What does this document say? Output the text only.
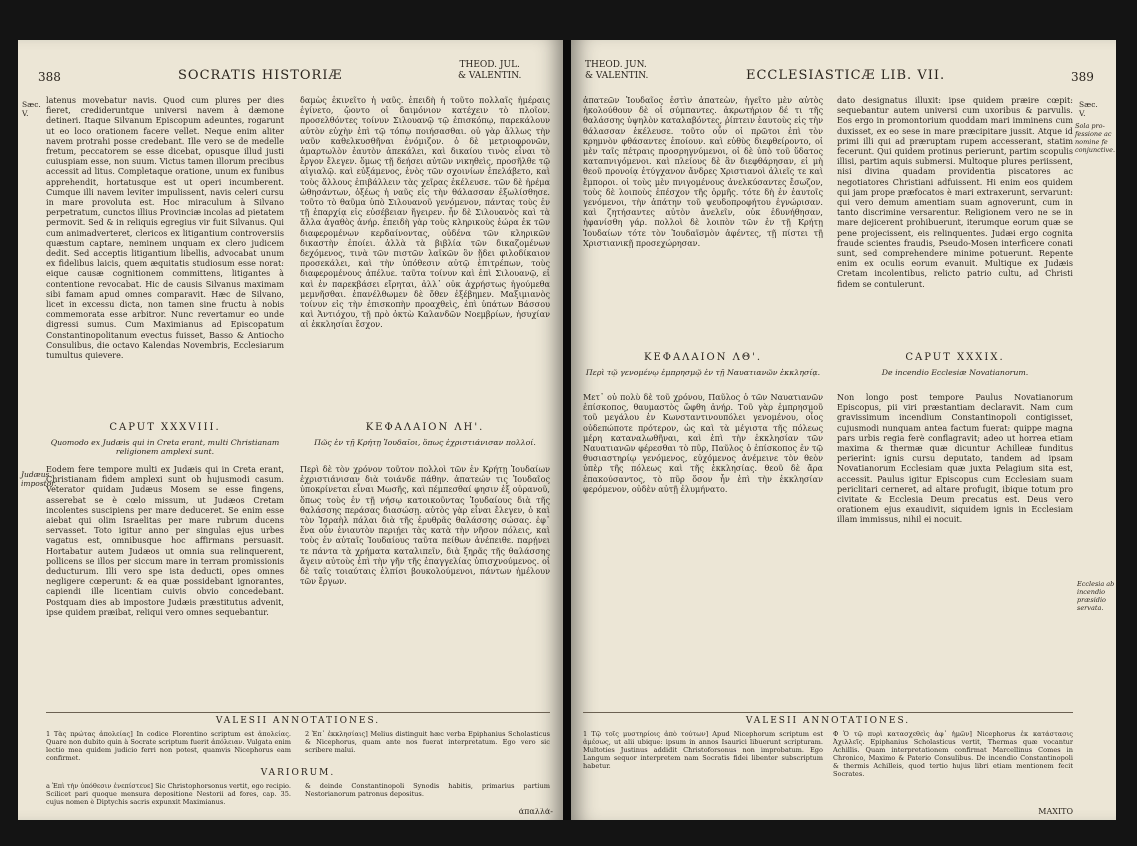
388	SOCRATIS HISTORIÆ
THEOD. JUL.
& VALENTIN.
Sæc.
V.

latenus movebatur navis. Quod cum plures per dies fieret, credideruntque universi navem à dæmone detineri. Itaque Silvanum Episcopum adeuntes, rogarunt ut eo loco orationem facere vellet. Neque enim aliter navem protrahi posse credebant. Ille vero se de medelle fretum, peccatorem se esse dicebat, opusque illud justi cuiuspiam esse, non suum. Victus tamen illorum precibus accessit ad litus. Completaque oratione, unum ex funibus apprehendit, hortatusque est ut operi incumberent. Cumque illi navem leviter impulissent, navis celeri cursu in mare provoluta est. Hoc miraculum à Silvano perpetratum, cunctos illius Provinciæ incolas ad pietatem permovit. Sed & in reliquis egregius vir fuit Silvanus. Qui cum animadverteret, clericos ex litigantium controversiis quæstum captare, neminem unquam ex clero judicem dedit. Sed acceptis litigantium libellis, advocabat unum ex fidelibus laicis, quem æquitatis studiosum esse norat: eique causæ cognitionem committens, litigantes à contentione revocabat. Hic de causis Silvanus maximam sibi famam apud omnes comparavit. Hæc de Silvano, licet in excessu dicta, non tamen sine fructu à nobis commemorata esse arbitror. Nunc revertamur eo unde digressi sumus. Cum Maximianus ad Episcopatum Constantinopolitanum evectus fuisset, Basso & Antiocho Consulibus, die octavo Kalendas Novembris, Ecclesiarum tumultus quievere.

δαμὼς ἐκινεῖτο ἡ ναῦς. ἐπειδὴ ἡ τοῦτο πολλαῖς ἡμέραις ἐγίνετο, ᾤοντο οἱ δαιμόνιον κατέχειν τὸ πλοῖον. προσελθόντες τοίνυν Σιλουανῷ τῷ ἐπισκόπῳ, παρεκάλουν αὐτὸν εὐχὴν ἐπὶ τῷ τόπῳ ποιήσασθαι. οὐ γὰρ ἄλλως τὴν ναῦν καθελκυσθῆναι ἐνόμιζον. ὁ δὲ μετριοφρονῶν, ἁμαρτωλὸν ἑαυτὸν ἀπεκάλει, καὶ δικαίου τινὸς εἶναι τὸ ἔργον ἔλεγεν. ὅμως τῇ δεήσει αὐτῶν νικηθεὶς, προσῆλθε τῷ αἰγιαλῷ. καὶ εὐξάμενος, ἑνὸς τῶν σχοινίων ἐπελάβετο, καὶ τοὺς ἄλλους ἐπιβάλλειν τὰς χεῖρας ἐκέλευσε. τῶν δὲ ἠρέμα ὠθησάντων, ὀξέως ἡ ναῦς εἰς τὴν θάλασσαν ἐξωλίσθησε. τοῦτο τὸ θαῦμα ὑπὸ Σιλουανοῦ γενόμενον, πάντας τοὺς ἐν τῇ ἐπαρχίᾳ εἰς εὐσέβειαν ἤγειρεν. ἦν δὲ Σιλουανὸς καὶ τὰ ἄλλα ἀγαθὸς ἀνήρ. ἐπειδὴ γὰρ τοὺς κληρικοὺς ἑώρα ἐκ τῶν διαφερομένων κερδαίνοντας, οὐδένα τῶν κληρικῶν δικαστὴν ἐποίει. ἀλλὰ τὰ βιβλία τῶν δικαζομένων δεχόμενος, τινὰ τῶν πιστῶν λαϊκῶν ὃν ᾔδει φιλοδίκαιον προσεκάλει, καὶ τὴν ὑπόθεσιν αὐτῷ ἐπιτρέπων, τοὺς διαφερομένους ἀπέλυε. ταῦτα τοίνυν καὶ ἐπὶ Σιλουανῷ, εἰ καὶ ἐν παρεκβάσει εἴρηται, ἀλλ᾽ οὐκ ἀχρήστως ἡγούμεθα μεμνῆσθαι. ἐπανέλθωμεν δὲ ὅθεν ἐξέβημεν. Μαξιμιανὸς τοίνυν εἰς τὴν ἐπισκοπὴν προαχθεὶς, ἐπὶ ὑπάτων Βάσσου καὶ Ἀντιόχου, τῇ πρὸ ὀκτὼ Καλανδῶν Νοεμβρίων, ἡσυχίαν αἱ ἐκκλησίαι ἔσχον.

CAPUT XXXVIII.	ΚΕΦΑΛΑΙΟΝ ΛΗ'.
Quomodo ex Judæis qui in Creta erant, multi Christianam religionem amplexi sunt.
Πῶς ἐν τῇ Κρήτῃ Ἰουδαῖοι, ὅπως ἐχριστιάνισαν πολλοί.
Judæus
impostor.

Eodem fere tempore multi ex Judæis qui in Creta erant, Christianam fidem amplexi sunt ob hujusmodi casum. Veterator quidam Judæus Mosem se esse fingens, asserebat se è cœlo missum, ut Judæos Cretam incolentes suscipiens per mare deduceret. Se enim esse aiebat qui olim Israelitas per mare rubrum ducens servasset. Toto igitur anno per singulas ejus urbes vagatus est, omnibusque hoc affirmans persuasit. Hortabatur autem Judæos ut omnia sua relinquerent, pollicens se illos per siccum mare in terram promissionis deducturum. Illi vero spe ista deducti, opes omnes negligere cœperunt: & ea quæ possidebant ignorantes, capiendi ille licentiam cuivis obvio concedebant. Postquam dies ab impostore Judæis præstitutus advenit, ipse quidem præibat, reliqui vero omnes sequebantur.

Περὶ δὲ τὸν χρόνον τοῦτον πολλοὶ τῶν ἐν Κρήτῃ Ἰουδαίων ἐχριστιάνισαν διὰ τοιάνδε πάθην. ἀπατεών τις Ἰουδαῖος ὑποκρίνεται εἶναι Μωσῆς, καὶ πέμπεσθαί φησιν ἐξ οὐρανοῦ, ὅπως τοὺς ἐν τῇ νήσῳ κατοικοῦντας Ἰουδαίους διὰ τῆς θαλάσσης περάσας διασώσῃ. αὐτὸς γὰρ εἶναι ἔλεγεν, ὁ καὶ τὸν Ἰσραὴλ πάλαι διὰ τῆς ἐρυθρᾶς θαλάσσης σώσας. ἐφ᾽ ἕνα οὖν ἐνιαυτὸν περιῄει τὰς κατὰ τὴν νῆσον πόλεις, καὶ τοὺς ἐν αὐταῖς Ἰουδαίους ταῦτα πείθων ἀνέπειθε. παρῄνει τε πάντα τὰ χρήματα καταλιπεῖν, διὰ ξηρᾶς τῆς θαλάσσης ἄγειν αὐτοὺς ἐπὶ τὴν γῆν τῆς ἐπαγγελίας ὑπισχνούμενος. οἱ δὲ ταῖς τοιαύταις ἐλπίσι βουκολούμενοι, πάντων ἠμέλουν τῶν ἔργων.

VALESII ANNOTATIONES.
1 Τὰς πρώτας ἀπολείας] In codice Florentino scriptum est ἀπολείας. Quare non dubito quin à Socrate scriptum fuerit ἀπόλειαν. Vulgata enim lectio mea quidem judicio ferri non potest, quamvis Nicephorus eam confirmet.
2 Ἐπ᾽ ἐκκλησίαις] Melius distinguit hæc verba Epiphanius Scholasticus & Nicephorus, quam ante nos fuerat interpretatum. Ego vero sic scribere malui.
VARIORUM.
a Ἐπὶ τὴν ὑπόθεσιν ἐνεπίστευε] Sic Christophorsonus vertit, ego recipio. Scilicet pari quoque mensura depositione Nestorii ad fores, cap. 35. cujus nomen è Diptychis sacris expunxit Maximianus.
& deinde Constantinopoli Synodis habitis, primarius partium Nestorianorum patronus depositus.
ἀπαλλά-
THEOD. JUN.
& VALENTIN.	ECCLESIASTICÆ LIB. VII.	389
Sæc.
V.
Sola pro-
fessione ac
nomine fe
conjunctive.

ἀπατεῶν Ἰουδαῖος ἐστὶν ἀπατεὼν, ἡγεῖτο μὲν αὐτὸς ἠκολούθουν δὲ οἱ σύμπαντες. ἀκρωτήριον δέ τι τῆς θαλάσσης ὑψηλὸν καταλαβόντες, ῥίπτειν ἑαυτοὺς εἰς τὴν θάλασσαν ἐκέλευσε. τοῦτο οὖν οἱ πρῶτοι ἐπὶ τὸν κρημνὸν φθάσαντες ἐποίουν. καὶ εὐθὺς διεφθείροντο, οἱ μὲν ταῖς πέτραις προσρηγνύμενοι, οἱ δὲ ὑπὸ τοῦ ὕδατος καταπνιγόμενοι. καὶ πλείους δὲ ἂν διεφθάρησαν, εἰ μὴ θεοῦ προνοίᾳ ἐτύγχανον ἄνδρες Χριστιανοὶ ἁλιεῖς τε καὶ ἔμποροι. οἱ τοὺς μὲν πνιγομένους ἀνελκύσαντες ἔσωζον, τοὺς δὲ λοιποὺς ἐπέσχον τῆς ὁρμῆς. τότε δὴ ἐν ἑαυτοῖς γενόμενοι, τὴν ἀπάτην τοῦ ψευδοπροφήτου ἐγνώρισαν. καὶ ζητήσαντες αὐτὸν ἀνελεῖν, οὐκ ἐδυνήθησαν, ἠφανίσθη γάρ. πολλοὶ δὲ λοιπὸν τῶν ἐν τῇ Κρήτῃ Ἰουδαίων τότε τὸν Ἰουδαϊσμὸν ἀφέντες, τῇ πίστει τῇ Χριστιανικῇ προσεχώρησαν.

dato designatus illuxit: ipse quidem præire cœpit: sequebantur autem universi cum uxoribus & parvulis. Eos ergo in promontorium quoddam mari imminens cum duxisset, ex eo sese in mare præcipitare jussit. Atque id primi illi qui ad præruptam rupem accesserant, statim fecerunt. Qui quidem protinus perierunt, partim scopulis illisi, partim aquis submersi. Multoque plures periissent, nisi divina quadam providentia piscatores ac negotiatores Christiani adfuissent. Hi enim eos quidem qui jam prope præfocatos è mari extraxerunt, servarunt: qui vero demum amentiam suam agnoverunt, cum in tanto discrimine versarentur. Religionem vero ne se in mare dejicerent prohibuerunt, iterumque eorum quæ se pene projecissent, eis relinquentes. Judæi ergo cognita fraude scientes fraudis, Pseudo-Mosen interficere conati sunt, sed comprehendere minime potuerunt. Repente enim ex oculis eorum evanuit. Multique ex Judæis Cretam incolentibus, relicto patrio cultu, ad Christi fidem se contulerunt.

ΚΕΦΑΛΑΙΟΝ ΛΘ'.	CAPUT XXXIX.
Περὶ τῷ γενομένῳ ἐμπρησμῷ ἐν τῇ Ναυατιανῶν ἐκκλησίᾳ.	De incendio Ecclesiæ Novatianorum.

Μετ᾽ οὐ πολὺ δὲ τοῦ χρόνου, Παῦλος ὁ τῶν Ναυατιανῶν ἐπίσκοπος, θαυμαστὸς ὤφθη ἀνήρ. Τοῦ γὰρ ἐμπρησμοῦ τοῦ μεγάλου ἐν Κωνσταντινουπόλει γενομένου, οἷος οὐδεπώποτε πρότερον, ὡς καὶ τὰ μέγιστα τῆς πόλεως μέρη καταναλωθῆναι, καὶ ἐπὶ τὴν ἐκκλησίαν τῶν Ναυατιανῶν φέρεσθαι τὸ πῦρ, Παῦλος ὁ ἐπίσκοπος ἐν τῷ θυσιαστηρίῳ γενόμενος, εὐχόμενος ἀνέμεινε τὸν θεὸν ὑπὲρ τῆς πόλεως καὶ τῆς ἐκκλησίας. θεοῦ δὲ ἄρα ἐπακούσαντος, τὸ πῦρ ὅσον ἦν ἐπὶ τὴν ἐκκλησίαν φερόμενον, οὐδὲν αὐτῇ ἐλυμήνατο.

Non longo post tempore Paulus Novatianorum Episcopus, pii viri præstantiam declaravit. Nam cum gravissimum incendium Constantinopoli contigisset, cujusmodi nunquam antea factum fuerat: quippe magna pars urbis regia ferè conflagravit; adeo ut horrea etiam maxima & thermæ quæ dicuntur Achilleæ funditus perierint: ignis cursu deputato, tandem ad ipsam Novatianorum Ecclesiam quæ juxta Pelagium sita est, accessit. Paulus igitur Episcopus cum Ecclesiam suam periclitari cerneret, ad altare profugit, ibique totum pro civitate & Ecclesia Deum precatus est. Deus vero orationem ejus exaudivit, siquidem ignis in Ecclesiam illam immissus, nihil ei nocuit.

Ecclesia ab
incendio
præsidio
servata.
VALESII ANNOTATIONES.
1 Τῷ τοῖς μυστηρίοις ἀπὸ τούτων] Apud Nicephorum scriptum est ἀμέσως, ut alii ubique: ipsum in annos Isaurici libuerunt scripturam. Multoties Justinus addidit Christoforsonus non improbatum. Ego Langum sequor interpretem nam Socratis fidei libenter subscriptum habetur.
Φ Ὁ τῷ πυρὶ κατασχεθεὶς ἀφ᾽ ἡμῶν] Nicephorus ἐκ κατάστασις Ἀχιλλεῖς. Epiphanius Scholasticus vertit, Thermas quæ vocantur Achillis. Quam interpretationem confirmat Marcellinus Comes in Chronico, Maximo & Paterio Consulibus. De incendio Constantinopoli & thermis Achilleis, quod tertio hujus libri etiam mentionem fecit Socrates.
ΜΑΧΙΤΟ
